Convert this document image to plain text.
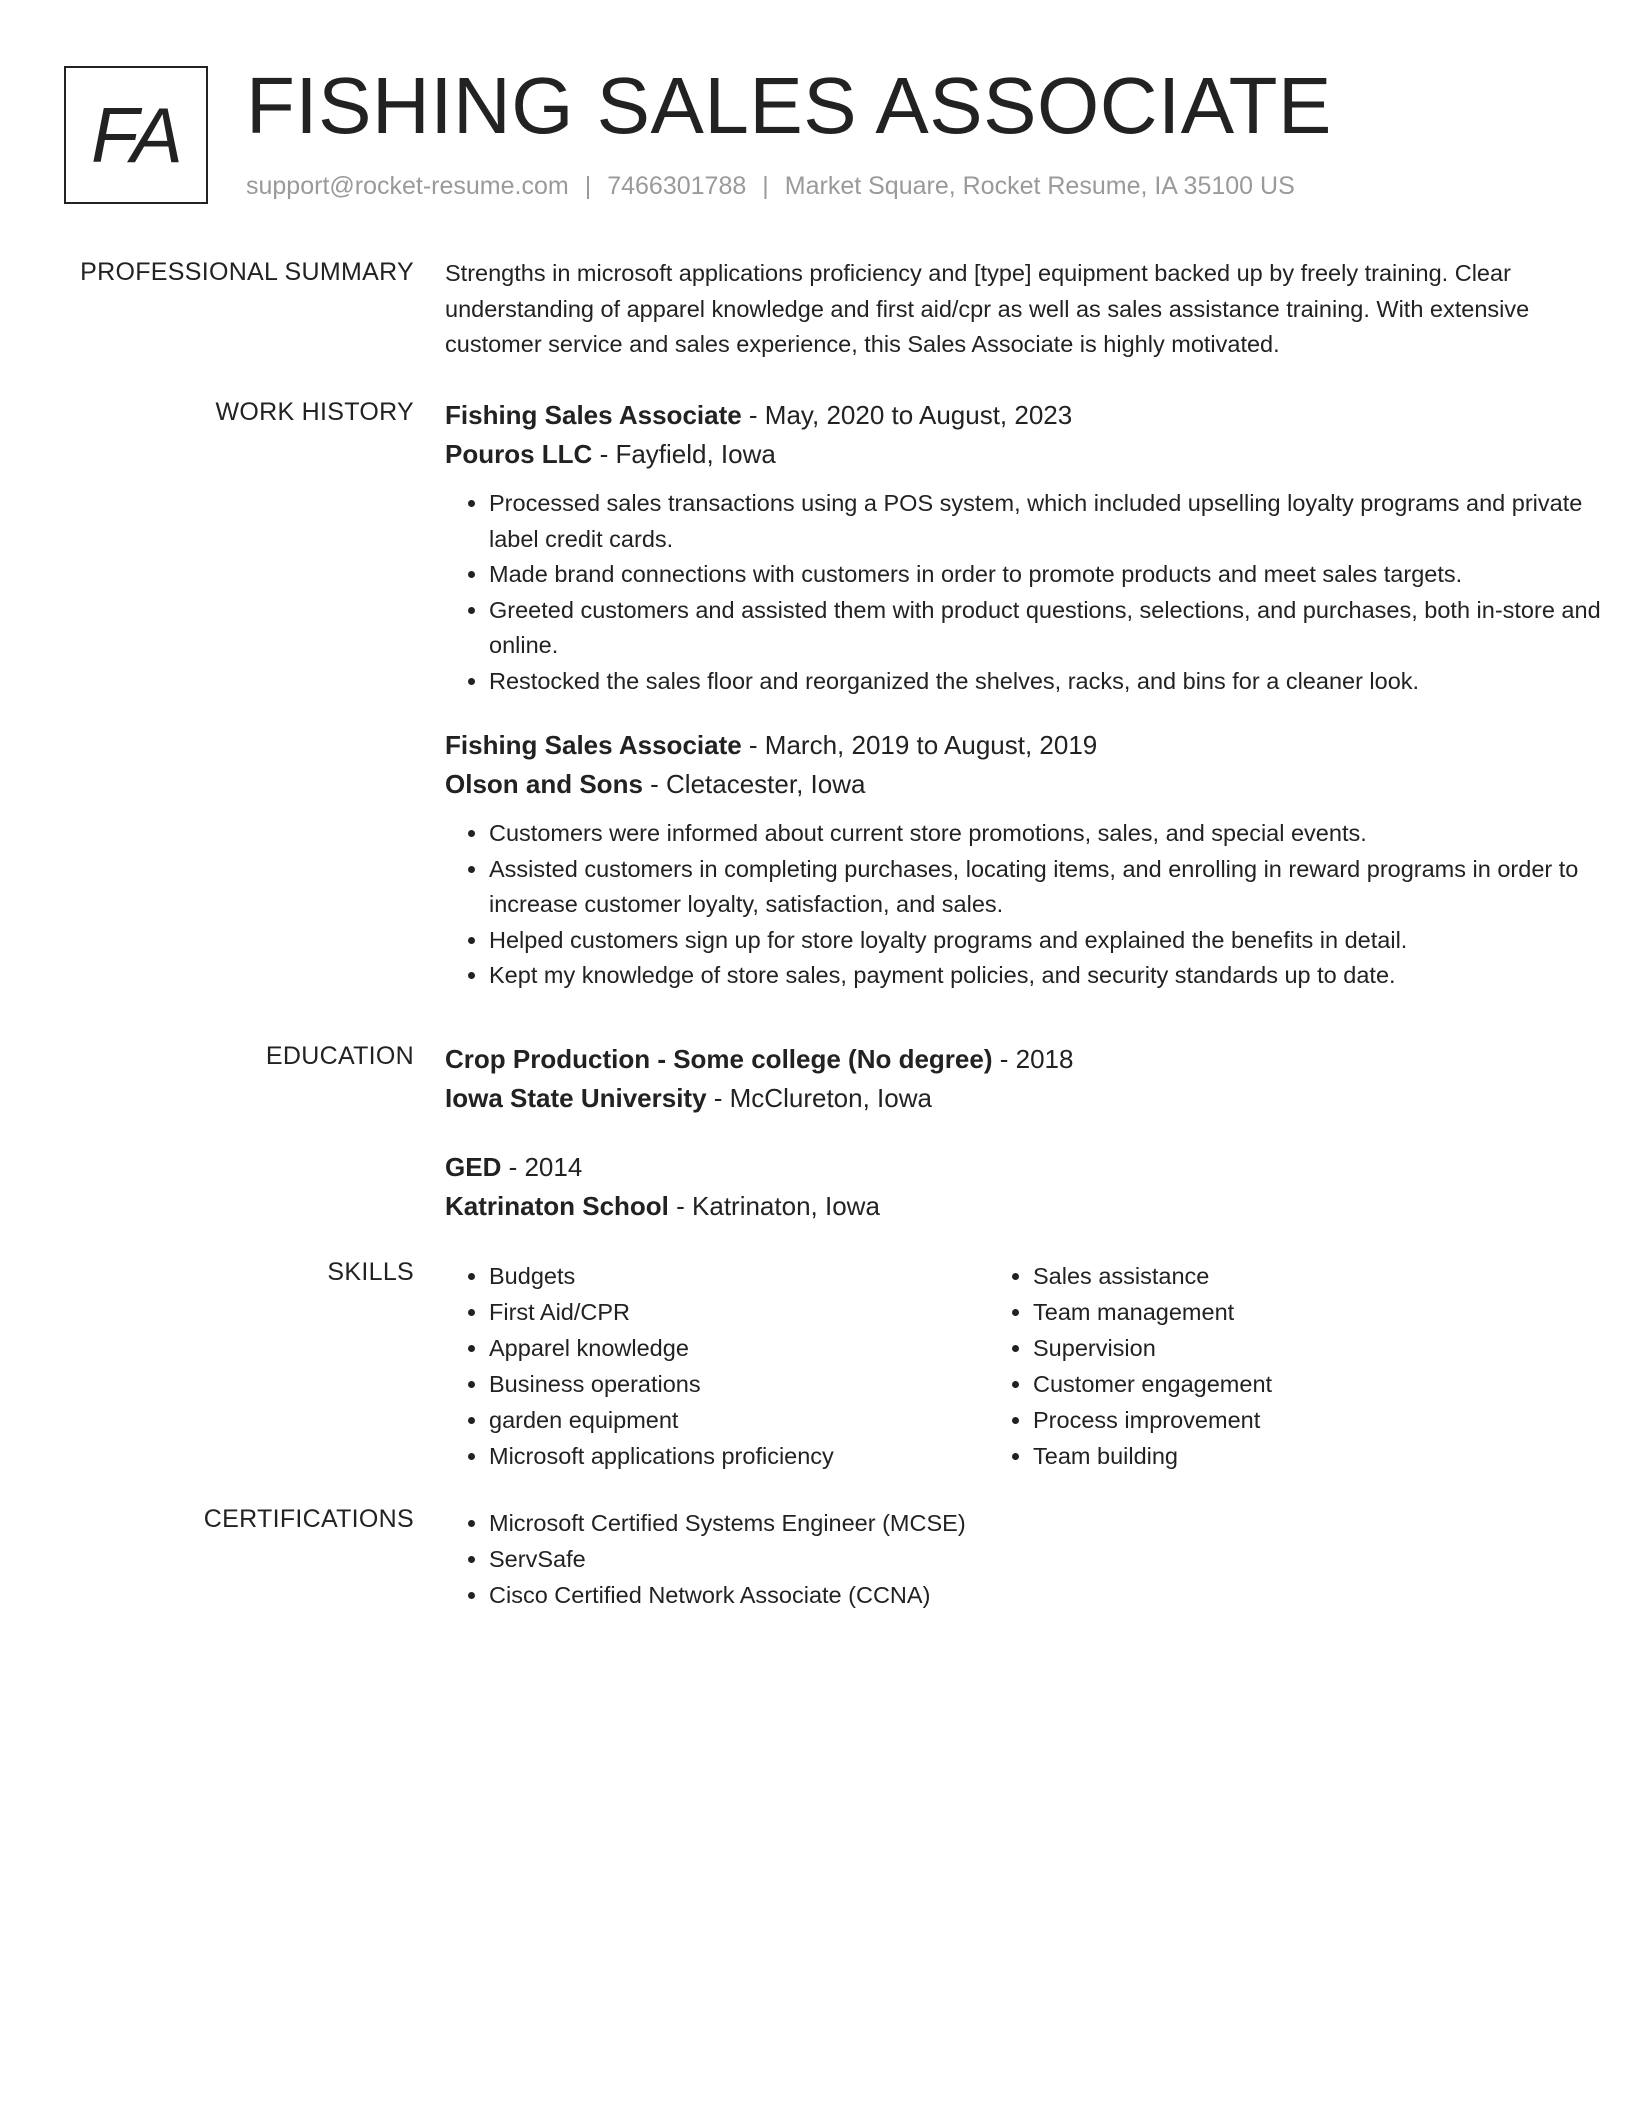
FA FISHING SALES ASSOCIATE
support@rocket-resume.com | 7466301788 | Market Square, Rocket Resume, IA 35100 US
PROFESSIONAL SUMMARY Strengths in microsoft applications proficiency and [type] equipment backed up by freely training. Clear understanding of apparel knowledge and first aid/cpr as well as sales assistance training. With extensive customer service and sales experience, this Sales Associate is highly motivated.
WORK HISTORY Fishing Sales Associate - May, 2020 to August, 2023
Pouros LLC - Fayfield, Iowa
• Processed sales transactions using a POS system, which included upselling loyalty programs and private label credit cards.
• Made brand connections with customers in order to promote products and meet sales targets.
• Greeted customers and assisted them with product questions, selections, and purchases, both in-store and online.
• Restocked the sales floor and reorganized the shelves, racks, and bins for a cleaner look.
Fishing Sales Associate - March, 2019 to August, 2019
Olson and Sons - Cletacester, Iowa
• Customers were informed about current store promotions, sales, and special events.
• Assisted customers in completing purchases, locating items, and enrolling in reward programs in order to increase customer loyalty, satisfaction, and sales.
• Helped customers sign up for store loyalty programs and explained the benefits in detail.
• Kept my knowledge of store sales, payment policies, and security standards up to date.
EDUCATION Crop Production - Some college (No degree) - 2018
Iowa State University - McClureton, Iowa
GED - 2014
Katrinaton School - Katrinaton, Iowa
SKILLS	• Budgets
• First Aid/CPR
• Apparel knowledge
• Business operations
• garden equipment
• Microsoft applications proficiency
• Sales assistance
• Team management
• Supervision
• Customer engagement
• Process improvement
• Team building
CERTIFICATIONS	• Microsoft Certified Systems Engineer (MCSE)
• ServSafe
• Cisco Certified Network Associate (CCNA)
